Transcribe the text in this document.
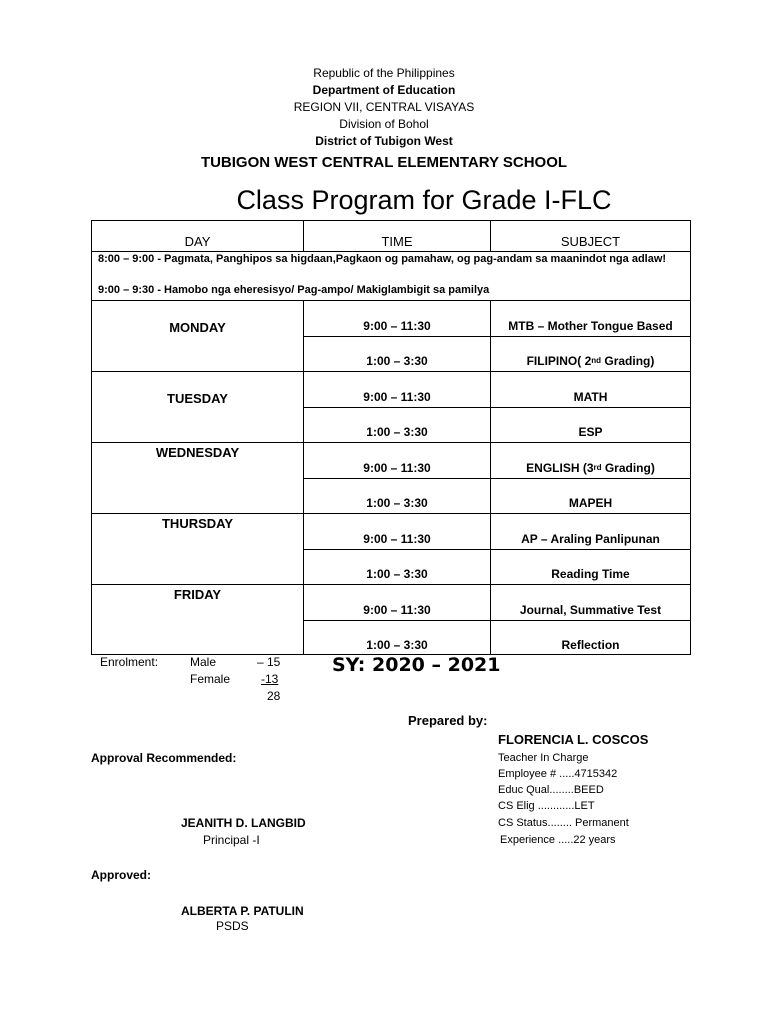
Republic of the Philippines
Department of Education
REGION VII, CENTRAL VISAYAS
Division of Bohol
District of Tubigon West
TUBIGON WEST CENTRAL ELEMENTARY SCHOOL
Class Program for Grade I-FLC
DAY	TIME	SUBJECT
8:00 – 9:00 - Pagmata, Panghipos sa higdaan,Pagkaon og pamahaw, og pag-andam sa maanindot nga adlaw!
9:00 – 9:30 - Hamobo nga eheresisyo/ Pag-ampo/ Makiglambigit sa pamilya
MONDAY	9:00 – 11:30	MTB – Mother Tongue Based
1:00 – 3:30	FILIPINO( 2 nd Grading)
TUESDAY	9:00 – 11:30	MATH
1:00 – 3:30	ESP
WEDNESDAY
9:00 – 11:30	ENGLISH (3 rd Grading)
1:00 – 3:30	MAPEH
THURSDAY
9:00 – 11:30	AP – Araling Panlipunan
1:00 – 3:30	Reading Time
FRIDAY
9:00 – 11:30	Journal, Summative Test
1:00 – 3:30	Reflection
Enrolment:	Male	– 15
Female	-13
28
SY: 2020 – 2021
Prepared by:
FLORENCIA L. COSCOS
Teacher In Charge
Employee # .....4715342
Educ Qual........BEED
CS Elig ............LET
CS Status........ Permanent
Experience .....22 years
Approval Recommended:
JEANITH D. LANGBID
Principal -I
Approved:
ALBERTA P. PATULIN
PSDS
